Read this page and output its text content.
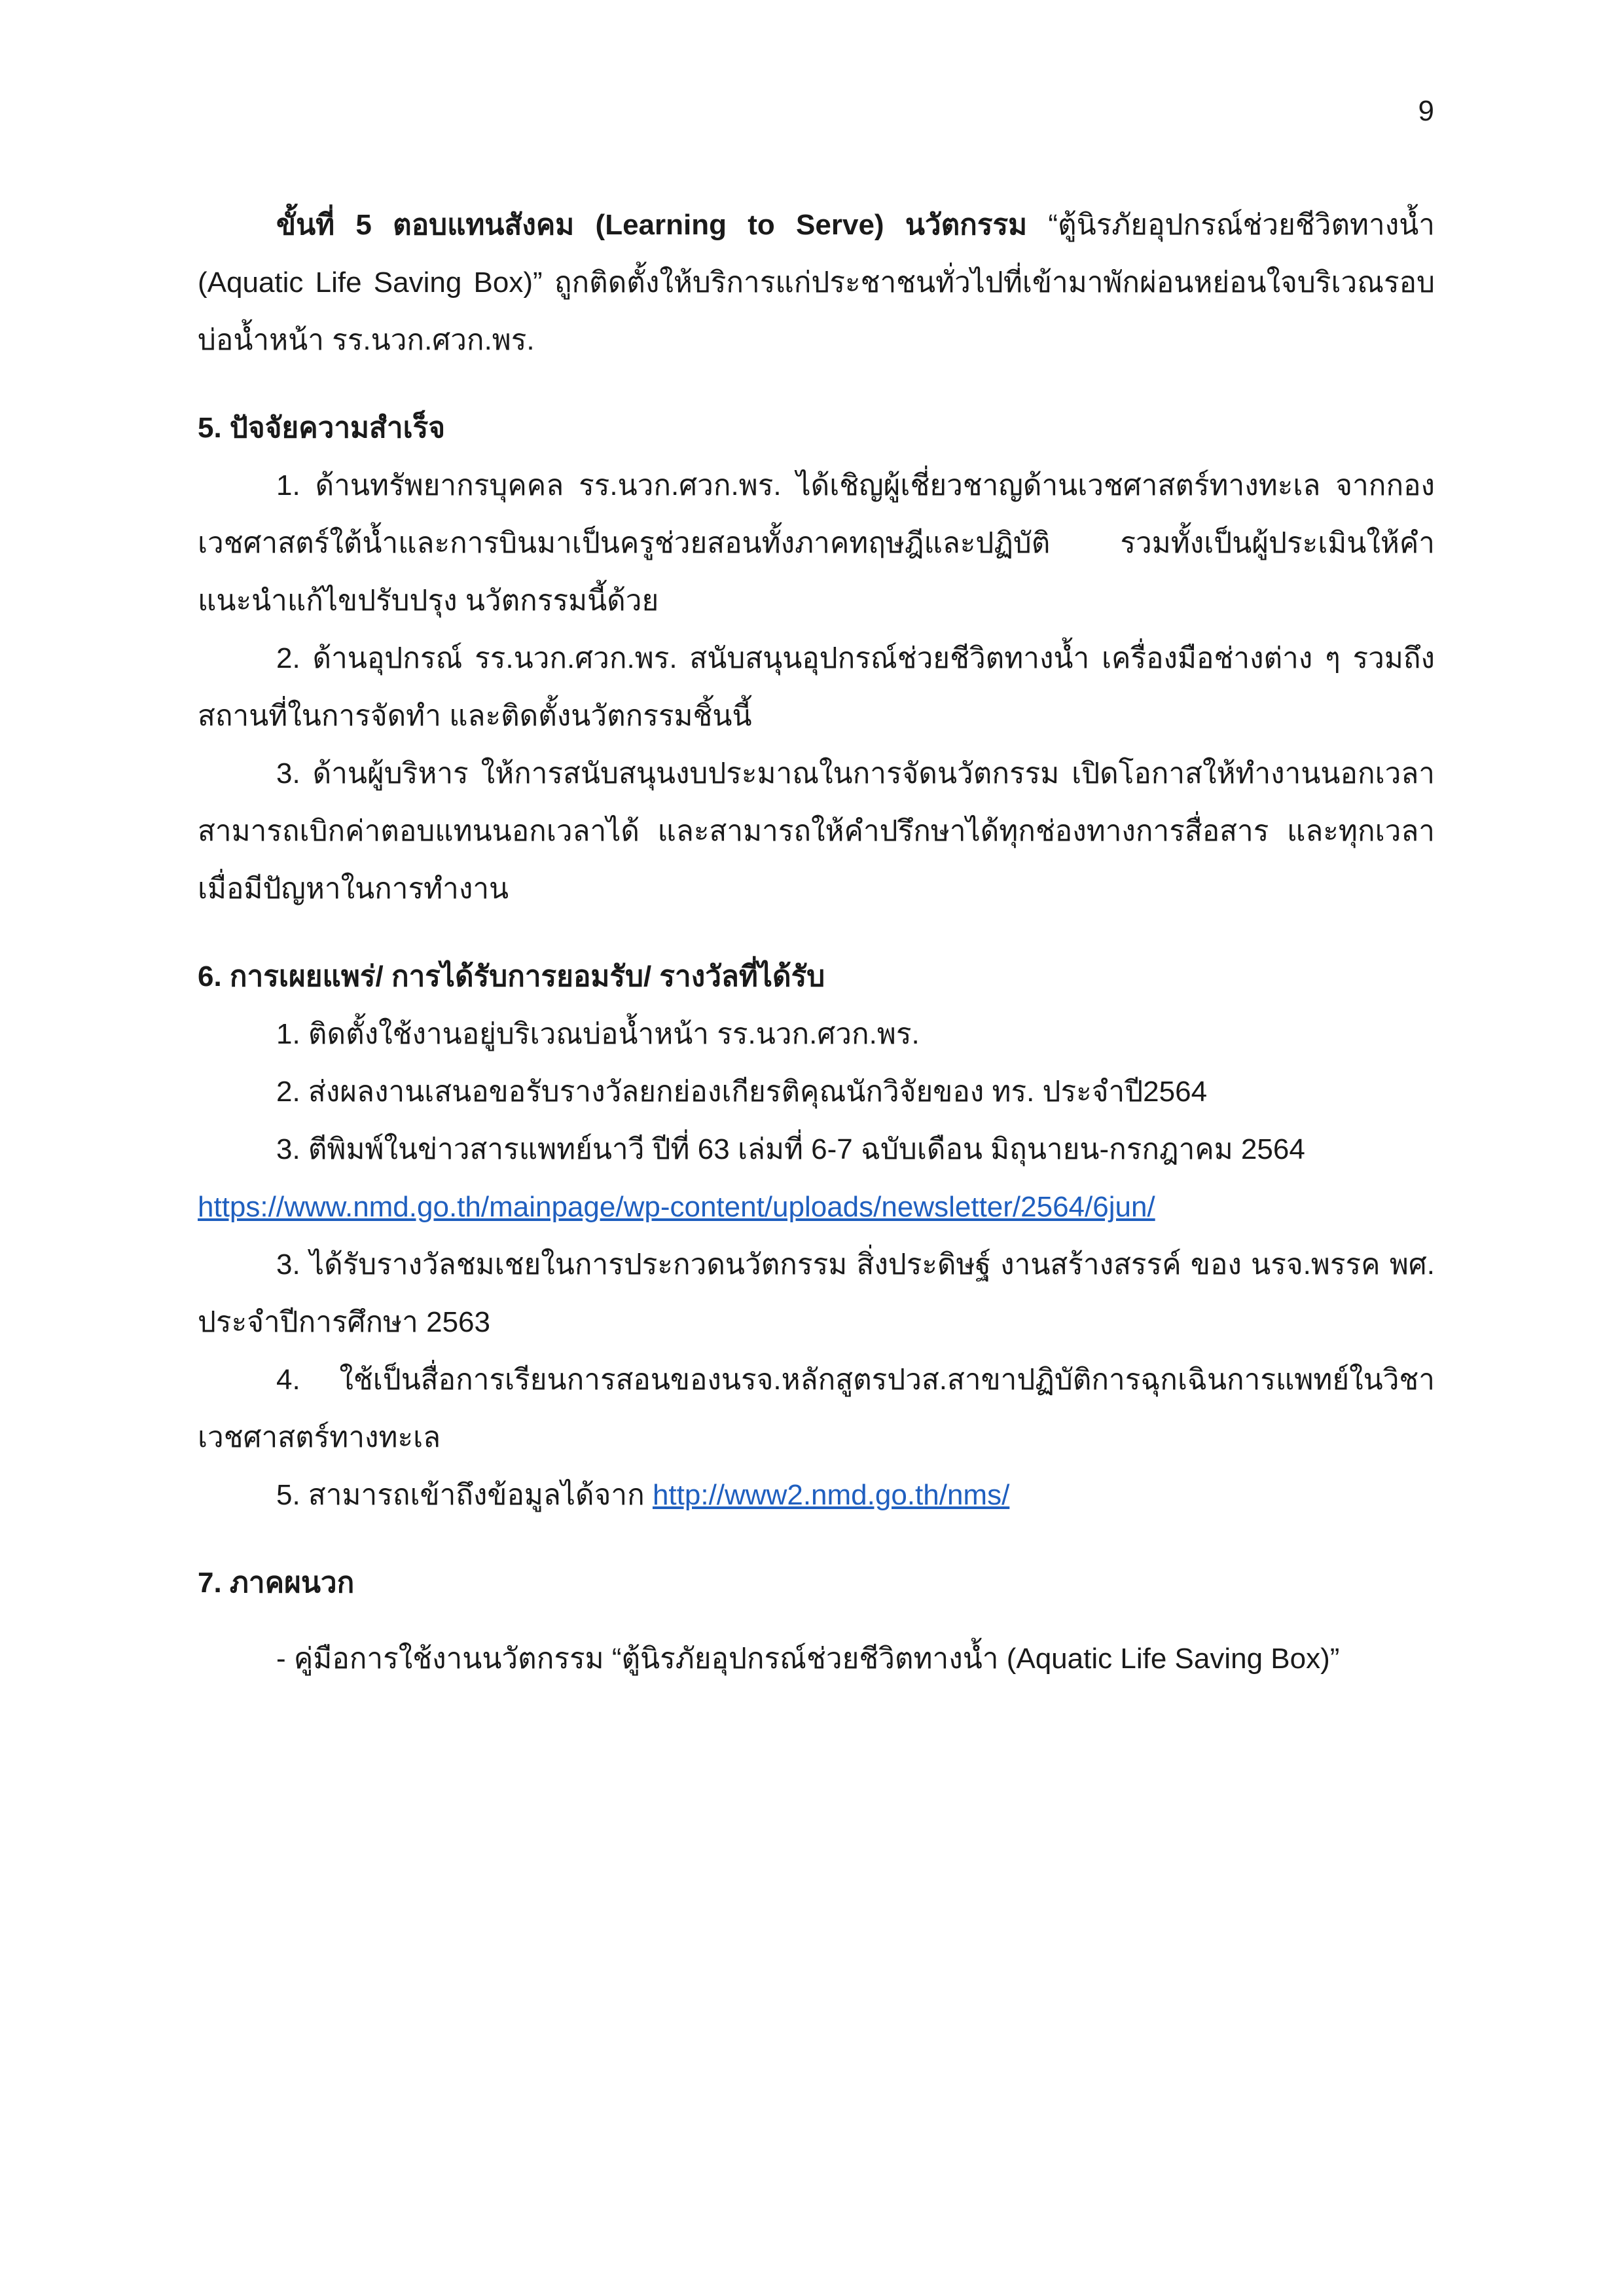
9

ขั้นที่ 5 ตอบแทนสังคม (Learning to Serve) นวัตกรรม “ตู้นิรภัยอุปกรณ์ช่วยชีวิตทางน้ำ (Aquatic Life Saving Box)” ถูกติดตั้งให้บริการแก่ประชาชนทั่วไปที่เข้ามาพักผ่อนหย่อนใจบริเวณรอบบ่อน้ำหน้า รร.นวก.ศวก.พร.

5. ปัจจัยความสำเร็จ

1. ด้านทรัพยากรบุคคล รร.นวก.ศวก.พร. ได้เชิญผู้เชี่ยวชาญด้านเวชศาสตร์ทางทะเล จากกองเวชศาสตร์ใต้น้ำและการบินมาเป็นครูช่วยสอนทั้งภาคทฤษฎีและปฏิบัติ รวมทั้งเป็นผู้ประเมินให้คำแนะนำแก้ไขปรับปรุง นวัตกรรมนี้ด้วย

2. ด้านอุปกรณ์ รร.นวก.ศวก.พร. สนับสนุนอุปกรณ์ช่วยชีวิตทางน้ำ เครื่องมือช่างต่าง ๆ รวมถึงสถานที่ในการจัดทำ และติดตั้งนวัตกรรมชิ้นนี้

3. ด้านผู้บริหาร ให้การสนับสนุนงบประมาณในการจัดนวัตกรรม เปิดโอกาสให้ทำงานนอกเวลา สามารถเบิกค่าตอบแทนนอกเวลาได้ และสามารถให้คำปรึกษาได้ทุกช่องทางการสื่อสาร และทุกเวลา เมื่อมีปัญหาในการทำงาน

6. การเผยแพร่/ การได้รับการยอมรับ/ รางวัลที่ได้รับ

1. ติดตั้งใช้งานอยู่บริเวณบ่อน้ำหน้า รร.นวก.ศวก.พร.

2. ส่งผลงานเสนอขอรับรางวัลยกย่องเกียรติคุณนักวิจัยของ ทร. ประจำปี2564

3. ตีพิมพ์ในข่าวสารแพทย์นาวี ปีที่ 63 เล่มที่ 6-7 ฉบับเดือน มิถุนายน-กรกฎาคม 2564

https://www.nmd.go.th/mainpage/wp-content/uploads/newsletter/2564/6jun/

3. ได้รับรางวัลชมเชยในการประกวดนวัตกรรม สิ่งประดิษฐ์ งานสร้างสรรค์ ของ นรจ.พรรค พศ. ประจำปีการศึกษา 2563

4. ใช้เป็นสื่อการเรียนการสอนของนรจ.หลักสูตรปวส.สาขาปฏิบัติการฉุกเฉินการแพทย์ในวิชาเวชศาสตร์ทางทะเล

5. สามารถเข้าถึงข้อมูลได้จาก http://www2.nmd.go.th/nms/

7. ภาคผนวก

- คู่มือการใช้งานนวัตกรรม “ตู้นิรภัยอุปกรณ์ช่วยชีวิตทางน้ำ (Aquatic Life Saving Box)”
